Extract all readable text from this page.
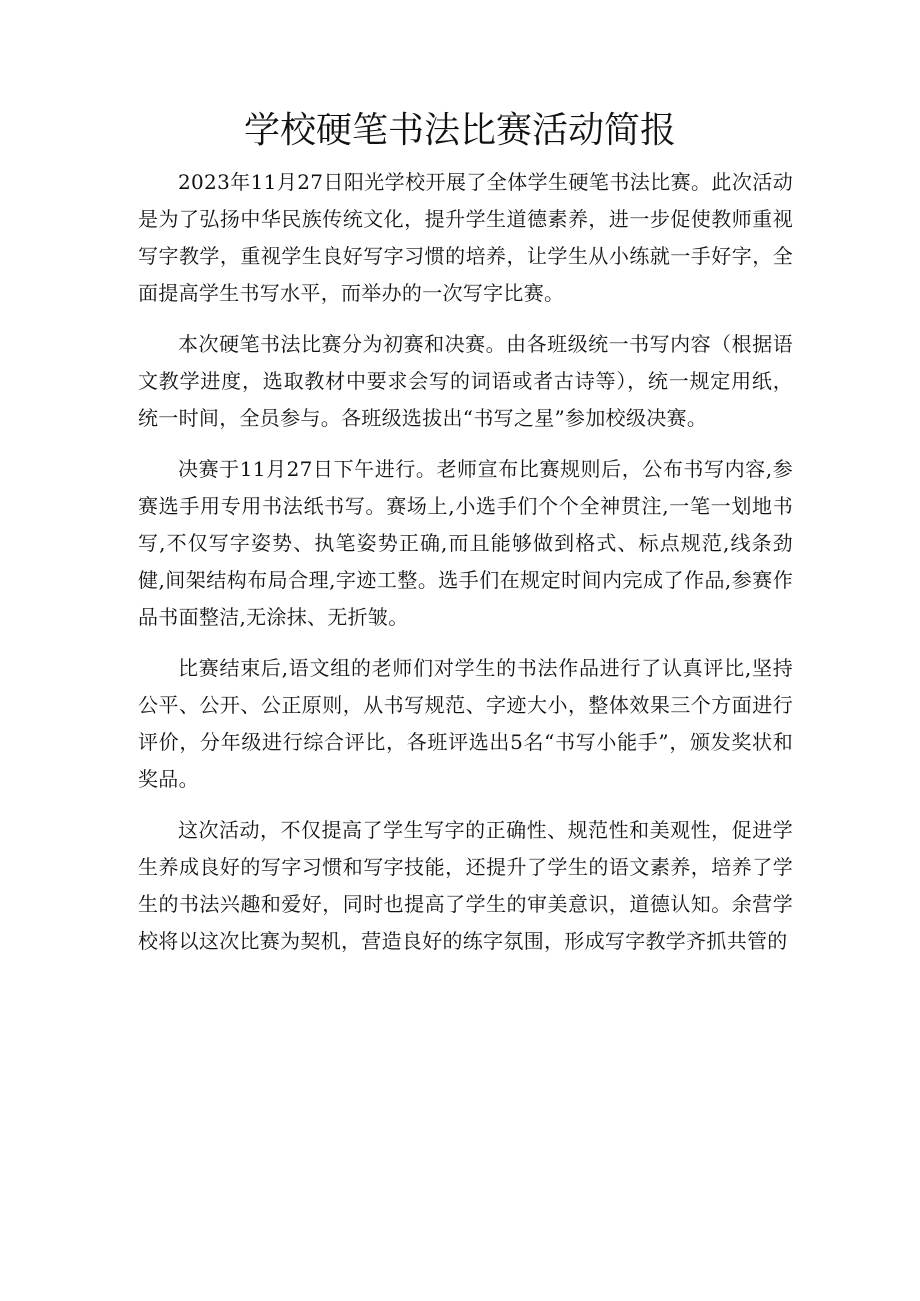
学校硬笔书法比赛活动简报

2023年11月27日阳光学校开展了全体学生硬笔书法比赛。此次活动是为了弘扬中华民族传统文化，提升学生道德素养，进一步促使教师重视写字教学，重视学生良好写字习惯的培养，让学生从小练就一手好字，全面提高学生书写水平，而举办的一次写字比赛。

本次硬笔书法比赛分为初赛和决赛。由各班级统一书写内容（根据语文教学进度，选取教材中要求会写的词语或者古诗等），统一规定用纸，统一时间，全员参与。各班级选拔出“书写之星”参加校级决赛。

决赛于11月27日下午进行。老师宣布比赛规则后，公布书写内容,参赛选手用专用书法纸书写。赛场上,小选手们个个全神贯注,一笔一划地书写,不仅写字姿势、执笔姿势正确,而且能够做到格式、标点规范,线条劲健,间架结构布局合理,字迹工整。选手们在规定时间内完成了作品,参赛作品书面整洁,无涂抹、无折皱。

比赛结束后,语文组的老师们对学生的书法作品进行了认真评比,坚持公平、公开、公正原则，从书写规范、字迹大小，整体效果三个方面进行评价，分年级进行综合评比，各班评选出5名“书写小能手”，颁发奖状和奖品。

这次活动，不仅提高了学生写字的正确性、规范性和美观性，促进学生养成良好的写字习惯和写字技能，还提升了学生的语文素养，培养了学生的书法兴趣和爱好，同时也提高了学生的审美意识，道德认知。余营学校将以这次比赛为契机，营造良好的练字氛围，形成写字教学齐抓共管的
